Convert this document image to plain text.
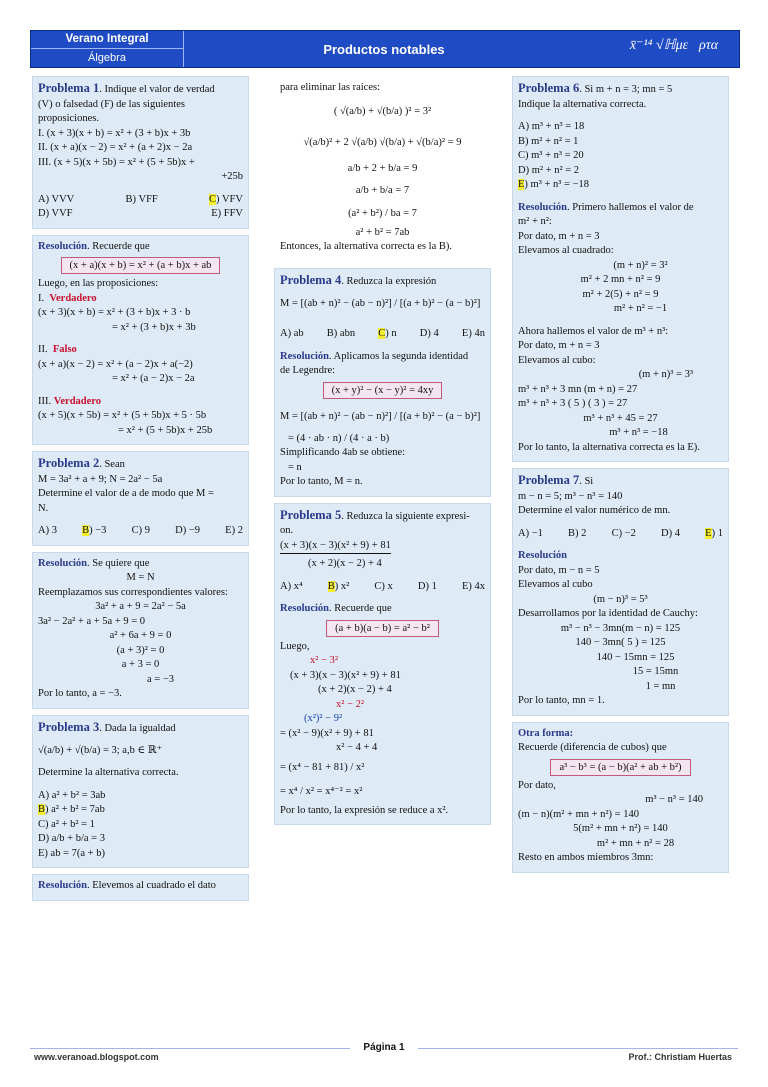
Verano Integral
Álgebra
Productos notables	x̄⁻¹⁴ √ℍμε⃗ρτα𝕊
Problema 1. Indique el valor de verdad
(V) o falsedad (F) de las siguientes
proposiciones.
I. (x + 3)(x + b) = x² + (3 + b)x + 3b
II. (x + a)(x − 2) = x² + (a + 2)x − 2a
III. (x + 5)(x + 5b) = x² + (5 + 5b)x +
+25b
A) VVV	B) VFF	C) VFV
D) VVF	E) FFV
Resolución. Recuerde que
(x + a)(x + b) = x² + (a + b)x + ab
Luego, en las proposiciones:
I. Verdadero
(x + 3)(x + b) = x² + (3 + b)x + 3 · b
= x² + (3 + b)x + 3b
II. Falso
(x + a)(x − 2) = x² + (a − 2)x + a(−2)
= x² + (a − 2)x − 2a
III. Verdadero
(x + 5)(x + 5b) = x² + (5 + 5b)x + 5 · 5b
= x² + (5 + 5b)x + 25b
Problema 2. Sean
M = 3a² + a + 9; N = 2a² − 5a
Determine el valor de a de modo que M =
N.
A) 3 B) −3 C) 9 D) −9 E) 2
Resolución. Se quiere que
M = N
Reemplazamos sus correspondientes valores:
3a² + a + 9 = 2a² − 5a
3a² − 2a² + a + 5a + 9 = 0
a² + 6a + 9 = 0
(a + 3)² = 0
a + 3 = 0
a = −3
Por lo tanto, a = −3.
Problema 3. Dada la igualdad
√(a/b) + √(b/a) = 3; a,b ∈ ℝ⁺
Determine la alternativa correcta.
A) a² + b² = 3ab
B) a² + b² = 7ab
C) a² + b² = 1
D) a/b + b/a = 3
E) ab = 7(a + b)
Resolución. Elevemos al cuadrado el dato
para eliminar las raíces:
( √(a/b) + √(b/a) )² = 3²
√(a/b)² + 2 √(a/b) √(b/a) + √(b/a)² = 9
a/b + 2 + b/a = 9
a/b + b/a = 7
(a² + b²) / ba = 7
a² + b² = 7ab
Entonces, la alternativa correcta es la B).
Problema 4. Reduzca la expresión
M = [(ab + n)² − (ab − n)²] / [(a + b)² − (a − b)²]
A) ab B) abn C) n D) 4 E) 4n
Resolución. Aplicamos la segunda identidad
de Legendre:
(x + y)² − (x − y)² = 4xy
M = [(ab + n)² − (ab − n)²] / [(a + b)² − (a − b)²]
= (4 · ab · n) / (4 · a · b)
Simplificando 4ab se obtiene:
= n
Por lo tanto, M = n.
Problema 5. Reduzca la siguiente expresi-
on.
(x + 3)(x − 3)(x² + 9) + 81
(x + 2)(x − 2) + 4
A) x⁴ B) x² C) x D) 1 E) 4x
Resolución. Recuerde que
(a + b)(a − b) = a² − b²
Luego,
x² − 3²
(x + 3)(x − 3)(x² + 9) + 81
(x + 2)(x − 2) + 4
x² − 2²
(x²)² − 9²
= (x² − 9)(x² + 9) + 81
x² − 4 + 4
= (x⁴ − 81 + 81) / x²
= x⁴ / x² = x⁴⁻² = x²
Por lo tanto, la expresión se reduce a x².
Problema 6. Si m + n = 3; mn = 5
Indique la alternativa correcta.
A) m³ + n³ = 18
B) m² + n² = 1
C) m³ + n³ = 20
D) m² + n² = 2
E) m³ + n³ = −18
Resolución. Primero hallemos el valor de
m² + n²:
Por dato, m + n = 3
Elevamos al cuadrado:
(m + n)² = 3²
m² + 2 mn + n² = 9
m² + 2(5) + n² = 9
m² + n² = −1
Ahora hallemos el valor de m³ + n³:
Por dato, m + n = 3
Elevamos al cubo:
(m + n)³ = 3³
m³ + n³ + 3 mn (m + n) = 27
m³ + n³ + 3 ( 5 ) ( 3 ) = 27
m³ + n³ + 45 = 27
m³ + n³ = −18
Por lo tanto, la alternativa correcta es la E).
Problema 7. Si
m − n = 5; m³ − n³ = 140
Determine el valor numérico de mn.
A) −1 B) 2 C) −2 D) 4 E) 1
Resolución
Por dato, m − n = 5
Elevamos al cubo
(m − n)³ = 5³
Desarrollamos por la identidad de Cauchy:
m³ − n³ − 3mn(m − n) = 125
140 − 3mn( 5 ) = 125
140 − 15mn = 125
15 = 15mn
1 = mn
Por lo tanto, mn = 1.
Otra forma:
Recuerde (diferencia de cubos) que
a³ − b³ = (a − b)(a² + ab + b²)
Por dato,
m³ − n³ = 140
(m − n)(m² + mn + n²) = 140
5(m² + mn + n²) = 140
m² + mn + n² = 28
Resto en ambos miembros 3mn:
Página 1
www.veranoad.blogspot.com	Prof.: Christiam Huertas
